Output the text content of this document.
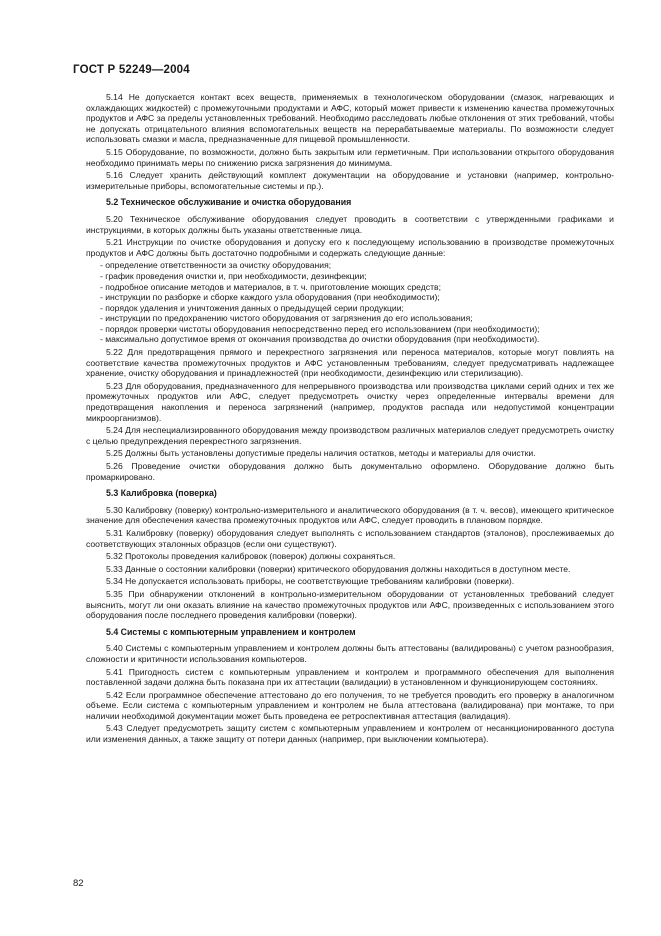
ГОСТ Р 52249—2004

5.14 Не допускается контакт всех веществ, применяемых в технологическом оборудовании (смазок, нагревающих и охлаждающих жидкостей) с промежуточными продуктами и АФС, который может привести к изменению качества промежуточных продуктов и АФС за пределы установленных требований. Необходимо расследовать любые отклонения от этих требований, чтобы не допускать отрицательного влияния вспомогательных веществ на перерабатываемые материалы. По возможности следует использовать смазки и масла, предназначенные для пищевой промышленности.

5.15 Оборудование, по возможности, должно быть закрытым или герметичным. При использовании открытого оборудования необходимо принимать меры по снижению риска загрязнения до минимума.

5.16 Следует хранить действующий комплект документации на оборудование и установки (например, контрольно-измерительные приборы, вспомогательные системы и пр.).

5.2 Техническое обслуживание и очистка оборудования

5.20 Техническое обслуживание оборудования следует проводить в соответствии с утвержденными графиками и инструкциями, в которых должны быть указаны ответственные лица.

5.21 Инструкции по очистке оборудования и допуску его к последующему использованию в производстве промежуточных продуктов и АФС должны быть достаточно подробными и содержать следующие данные:

- определение ответственности за очистку оборудования;
- график проведения очистки и, при необходимости, дезинфекции;
- подробное описание методов и материалов, в т. ч. приготовление моющих средств;
- инструкции по разборке и сборке каждого узла оборудования (при необходимости);
- порядок удаления и уничтожения данных о предыдущей серии продукции;
- инструкции по предохранению чистого оборудования от загрязнения до его использования;
- порядок проверки чистоты оборудования непосредственно перед его использованием (при необходимости);
- максимально допустимое время от окончания производства до очистки оборудования (при необходимости).

5.22 Для предотвращения прямого и перекрестного загрязнения или переноса материалов, которые могут повлиять на соответствие качества промежуточных продуктов и АФС установленным требованиям, следует предусматривать надлежащее хранение, очистку оборудования и принадлежностей (при необходимости, дезинфекцию или стерилизацию).

5.23 Для оборудования, предназначенного для непрерывного производства или производства циклами серий одних и тех же промежуточных продуктов или АФС, следует предусмотреть очистку через определенные интервалы времени для предотвращения накопления и переноса загрязнений (например, продуктов распада или недопустимой концентрации микроорганизмов).

5.24 Для неспециализированного оборудования между производством различных материалов следует предусмотреть очистку с целью предупреждения перекрестного загрязнения.

5.25 Должны быть установлены допустимые пределы наличия остатков, методы и материалы для очистки.

5.26 Проведение очистки оборудования должно быть документально оформлено. Оборудование должно быть промаркировано.

5.3 Калибровка (поверка)

5.30 Калибровку (поверку) контрольно-измерительного и аналитического оборудования (в т. ч. весов), имеющего критическое значение для обеспечения качества промежуточных продуктов или АФС, следует проводить в плановом порядке.

5.31 Калибровку (поверку) оборудования следует выполнять с использованием стандартов (эталонов), прослеживаемых до соответствующих эталонных образцов (если они существуют).

5.32 Протоколы проведения калибровок (поверок) должны сохраняться.

5.33 Данные о состоянии калибровки (поверки) критического оборудования должны находиться в доступном месте.

5.34 Не допускается использовать приборы, не соответствующие требованиям калибровки (поверки).

5.35 При обнаружении отклонений в контрольно-измерительном оборудовании от установленных требований следует выяснить, могут ли они оказать влияние на качество промежуточных продуктов или АФС, произведенных с использованием этого оборудования после последнего проведения калибровки (поверки).

5.4 Системы с компьютерным управлением и контролем

5.40 Системы с компьютерным управлением и контролем должны быть аттестованы (валидированы) с учетом разнообразия, сложности и критичности использования компьютеров.

5.41 Пригодность систем с компьютерным управлением и контролем и программного обеспечения для выполнения поставленной задачи должна быть показана при их аттестации (валидации) в установленном и функционирующем состояниях.

5.42 Если программное обеспечение аттестовано до его получения, то не требуется проводить его проверку в аналогичном объеме. Если система с компьютерным управлением и контролем не была аттестована (валидирована) при монтаже, то при наличии необходимой документации может быть проведена ее ретроспективная аттестация (валидация).

5.43 Следует предусмотреть защиту систем с компьютерным управлением и контролем от несанкционированного доступа или изменения данных, а также защиту от потери данных (например, при выключении компьютера).

82
